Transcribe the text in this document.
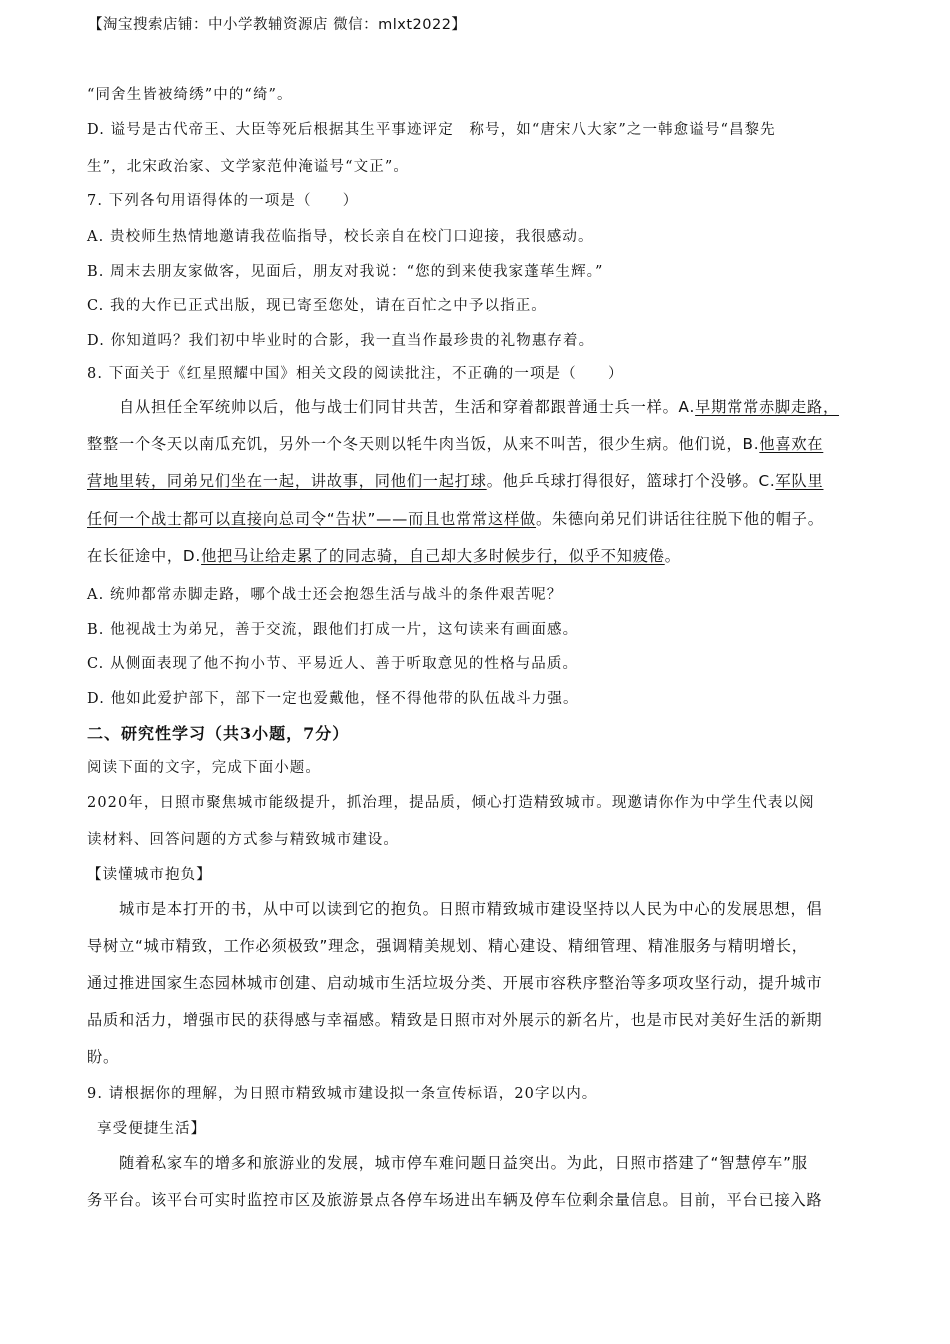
【淘宝搜索店铺：中小学教辅资源店 微信：mlxt2022】
“同舍生皆被绮绣”中的“绮”。
D. 谥号是古代帝王、大臣等死后根据其生平事迹评定　称号，如“唐宋八大家”之一韩愈谥号“昌黎先
生”，北宋政治家、文学家范仲淹谥号“文正”。
7. 下列各句用语得体的一项是（　　）
A. 贵校师生热情地邀请我莅临指导，校长亲自在校门口迎接，我很感动。
B. 周末去朋友家做客，见面后，朋友对我说：“您的到来使我家蓬荜生辉。”
C. 我的大作已正式出版，现已寄至您处，请在百忙之中予以指正。
D. 你知道吗？我们初中毕业时的合影，我一直当作最珍贵的礼物惠存着。
8. 下面关于《红星照耀中国》相关文段的阅读批注，不正确的一项是（　　）
自从担任全军统帅以后，他与战士们同甘共苦，生活和穿着都跟普通士兵一样。A.早期常常赤脚走路，
整整一个冬天以南瓜充饥，另外一个冬天则以牦牛肉当饭，从来不叫苦，很少生病。他们说，B.他喜欢在
营地里转，同弟兄们坐在一起，讲故事，同他们一起打球。他乒乓球打得很好，篮球打个没够。C.军队里
任何一个战士都可以直接向总司令“告状”——而且也常常这样做。朱德向弟兄们讲话往往脱下他的帽子。
在长征途中，D.他把马让给走累了的同志骑，自己却大多时候步行，似乎不知疲倦。
A. 统帅都常赤脚走路，哪个战士还会抱怨生活与战斗的条件艰苦呢？
B. 他视战士为弟兄，善于交流，跟他们打成一片，这句读来有画面感。
C. 从侧面表现了他不拘小节、平易近人、善于听取意见的性格与品质。
D. 他如此爱护部下，部下一定也爱戴他，怪不得他带的队伍战斗力强。
二、研究性学习（共3小题，7分）
阅读下面的文字，完成下面小题。
2020年，日照市聚焦城市能级提升，抓治理，提品质，倾心打造精致城市。现邀请你作为中学生代表以阅
读材料、回答问题的方式参与精致城市建设。
【读懂城市抱负】
城市是本打开的书，从中可以读到它的抱负。日照市精致城市建设坚持以人民为中心的发展思想，倡
导树立“城市精致，工作必须极致”理念，强调精美规划、精心建设、精细管理、精准服务与精明增长，
通过推进国家生态园林城市创建、启动城市生活垃圾分类、开展市容秩序整治等多项攻坚行动，提升城市
品质和活力，增强市民的获得感与幸福感。精致是日照市对外展示的新名片，也是市民对美好生活的新期
盼。
9. 请根据你的理解，为日照市精致城市建设拟一条宣传标语，20字以内。
享受便捷生活】
随着私家车的增多和旅游业的发展，城市停车难问题日益突出。为此，日照市搭建了“智慧停车”服
务平台。该平台可实时监控市区及旅游景点各停车场进出车辆及停车位剩余量信息。目前，平台已接入路
